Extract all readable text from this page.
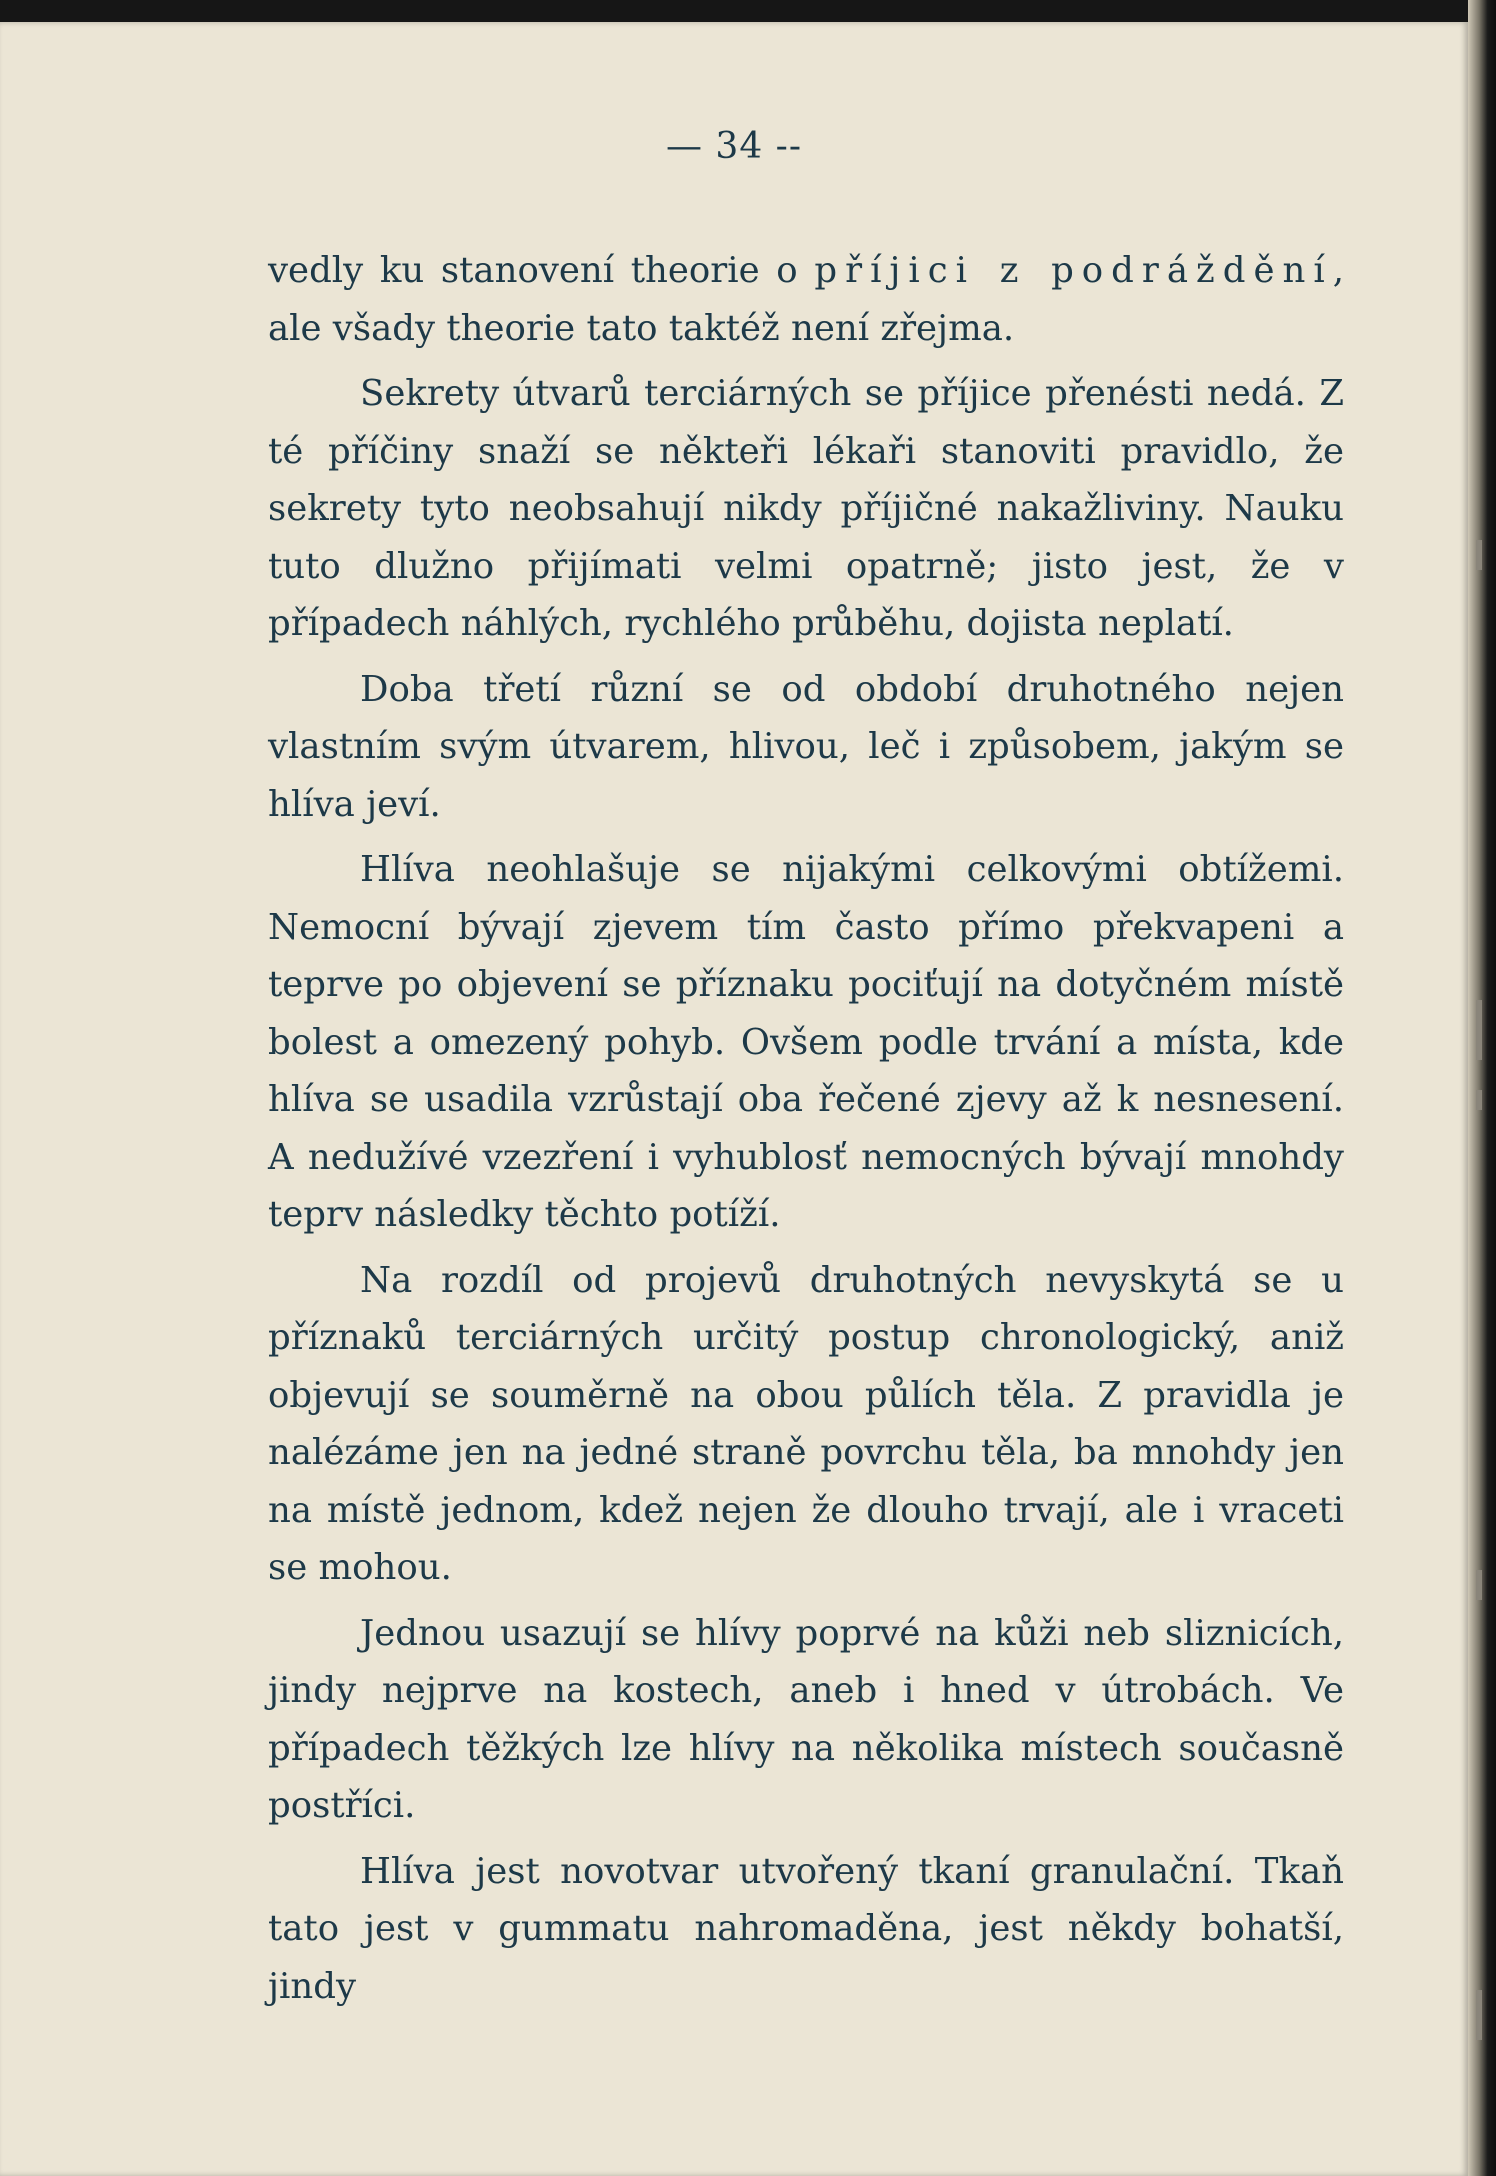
— 34 --

vedly ku stanovení theorie o příjici z podráždění, ale všady theorie tato taktéž není zřejma.

Sekrety útvarů terciárných se příjice přenésti nedá. Z té příčiny snaží se někteři lékaři stanoviti pravidlo, že sekrety tyto neobsahují nikdy příjičné nakažliviny. Nauku tuto dlužno přijímati velmi opatrně; jisto jest, že v případech náhlých, rychlého průběhu, dojista neplatí.

Doba třetí různí se od období druhotného nejen vlastním svým útvarem, hlivou, leč i způsobem, jakým se hlíva jeví.

Hlíva neohlašuje se nijakými celkovými obtížemi. Nemocní bývají zjevem tím často přímo překvapeni a teprve po objevení se příznaku pociťují na dotyčném místě bolest a omezený pohyb. Ovšem podle trvání a místa, kde hlíva se usadila vzrůstají oba řečené zjevy až k nesnesení. A nedužívé vzezření i vyhublosť nemocných bývají mnohdy teprv následky těchto potíží.

Na rozdíl od projevů druhotných nevyskytá se u příznaků terciárných určitý postup chronologický, aniž objevují se souměrně na obou půlích těla. Z pravidla je nalézáme jen na jedné straně povrchu těla, ba mnohdy jen na místě jednom, kdež nejen že dlouho trvají, ale i vraceti se mohou.

Jednou usazují se hlívy poprvé na kůži neb sliznicích, jindy nejprve na kostech, aneb i hned v útrobách. Ve případech těžkých lze hlívy na několika místech současně postříci.

Hlíva jest novotvar utvořený tkaní granulační. Tkaň tato jest v gummatu nahromaděna, jest někdy bohatší, jindy
